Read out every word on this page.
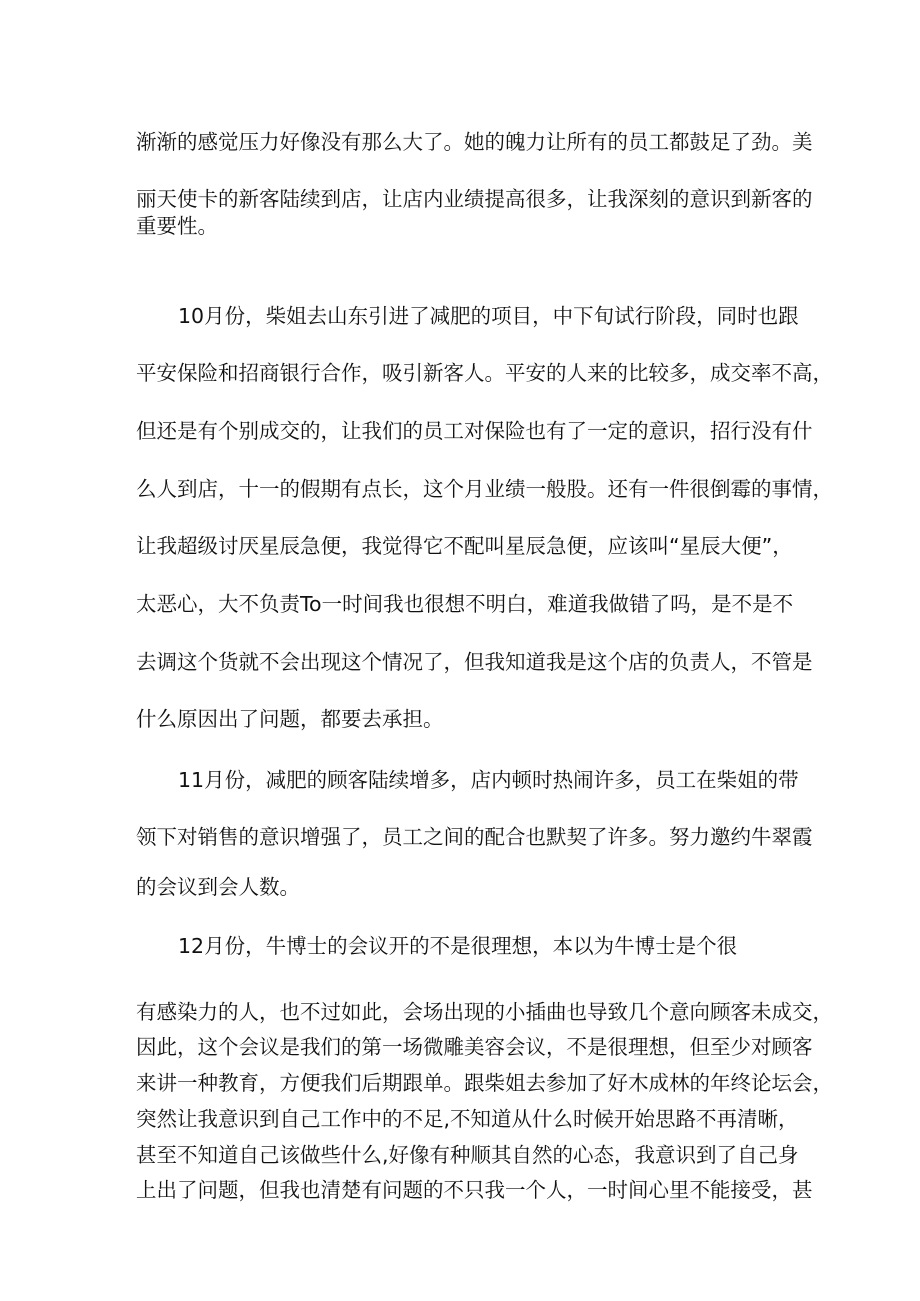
渐渐的感觉压力好像没有那么大了。她的魄力让所有的员工都鼓足了劲。美
丽天使卡的新客陆续到店，让店内业绩提高很多，让我深刻的意识到新客的
重要性。
10月份，柴姐去山东引进了减肥的项目，中下旬试行阶段，同时也跟
平安保险和招商银行合作，吸引新客人。平安的人来的比较多，成交率不高，
但还是有个别成交的，让我们的员工对保险也有了一定的意识，招行没有什
么人到店，十一的假期有点长，这个月业绩一般股。还有一件很倒霉的事情，
让我超级讨厌星辰急便，我觉得它不配叫星辰急便，应该叫“星辰大便”，
太恶心，大不负责To一时间我也很想不明白，难道我做错了吗，是不是不
去调这个货就不会出现这个情况了，但我知道我是这个店的负责人，不管是
什么原因出了问题，都要去承担。
11月份，减肥的顾客陆续增多，店内顿时热闹许多，员工在柴姐的带
领下对销售的意识增强了，员工之间的配合也默契了许多。努力邀约牛翠霞
的会议到会人数。
12月份，牛博士的会议开的不是很理想，本以为牛博士是个很
有感染力的人，也不过如此，会场出现的小插曲也导致几个意向顾客未成交，
因此，这个会议是我们的第一场微雕美容会议，不是很理想，但至少对顾客
来讲一种教育，方便我们后期跟单。跟柴姐去参加了好木成林的年终论坛会，
突然让我意识到自己工作中的不足,不知道从什么时候开始思路不再清晰，
甚至不知道自己该做些什么,好像有种顺其自然的心态，我意识到了自己身
上出了问题，但我也清楚有问题的不只我一个人，一时间心里不能接受，甚
